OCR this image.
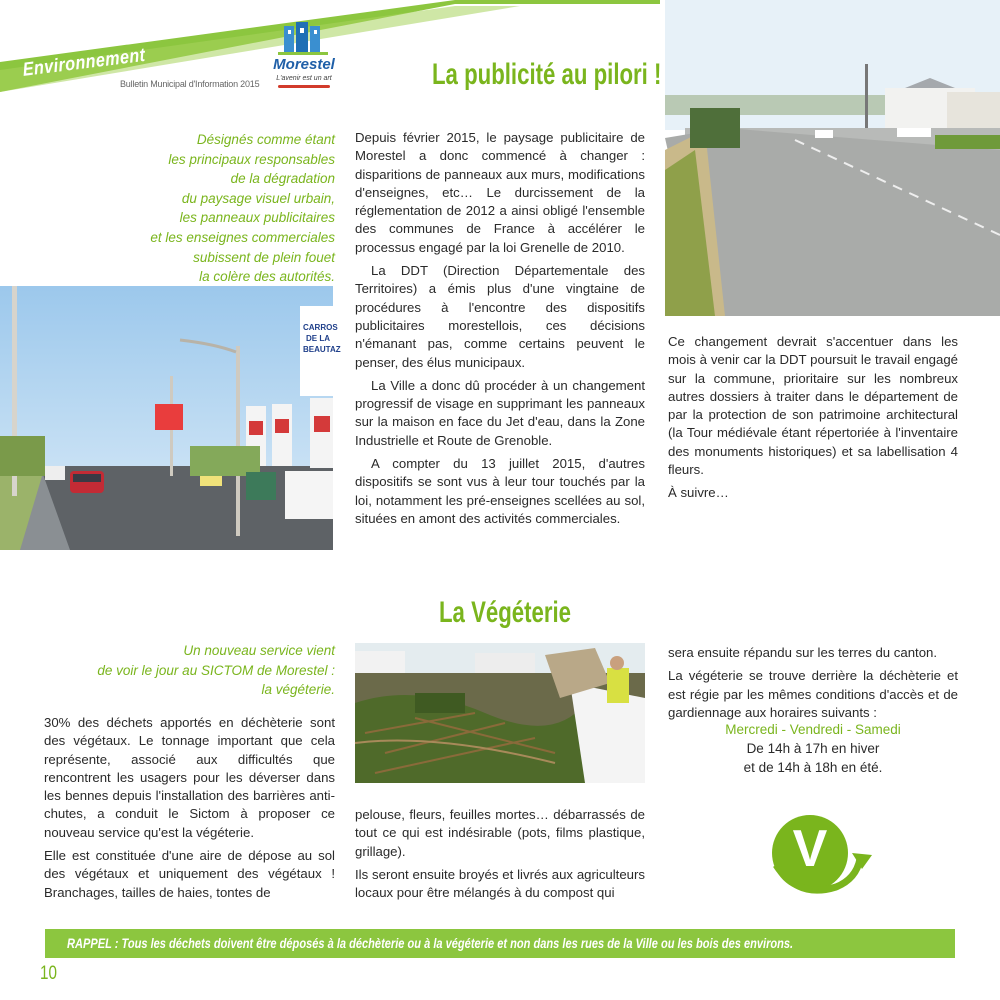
Environnement
Bulletin Municipal d'Information 2015
Morestel
L'avenir est un art	La publicité au pilori !
Désignés comme étant
les principaux responsables
de la dégradation
du paysage visuel urbain,
les panneaux publicitaires
et les enseignes commerciales
subissent de plein fouet
la colère des autorités.
CARROS
DE LA
BEAUTAZ

Depuis février 2015, le paysage publicitaire de Morestel a donc commencé à changer : disparitions de panneaux aux murs, modifications d'enseignes, etc… Le durcissement de la réglementation de 2012 a ainsi obligé l'ensemble des communes de France à accélérer le processus engagé par la loi Grenelle de 2010.

La DDT (Direction Départementale des Territoires) a émis plus d'une vingtaine de procédures à l'encontre des dispositifs publicitaires morestellois, ces décisions n'émanant pas, comme certains peuvent le penser, des élus municipaux.

La Ville a donc dû procéder à un changement progressif de visage en supprimant les panneaux sur la maison en face du Jet d'eau, dans la Zone Industrielle et Route de Grenoble.

A compter du 13 juillet 2015, d'autres dispositifs se sont vus à leur tour touchés par la loi, notamment les pré-enseignes scellées au sol, situées en amont des activités commerciales.

Ce changement devrait s'accentuer dans les mois à venir car la DDT poursuit le travail engagé sur la commune, prioritaire sur les nombreux autres dossiers à traiter dans le département de par la protection de son patrimoine architectural (la Tour médiévale étant répertoriée à l'inventaire des monuments historiques) et sa labellisation 4 fleurs.

À suivre…

La Végéterie
Un nouveau service vient
de voir le jour au SICTOM de Morestel :
la végéterie.

30% des déchets apportés en déchèterie sont des végétaux. Le tonnage important que cela représente, associé aux difficultés que rencontrent les usagers pour les déverser dans les bennes depuis l'installation des barrières anti-chutes, a conduit le Sictom à proposer ce nouveau service qu'est la végéterie.

Elle est constituée d'une aire de dépose au sol des végétaux et uniquement des végétaux ! Branchages, tailles de haies, tontes de

pelouse, fleurs, feuilles mortes… débarrassés de tout ce qui est indésirable (pots, films plastique, grillage).

Ils seront ensuite broyés et livrés aux agriculteurs locaux pour être mélangés à du compost qui

sera ensuite répandu sur les terres du canton.

La végéterie se trouve derrière la déchèterie et est régie par les mêmes conditions d'accès et de gardiennage aux horaires suivants :

Mercredi - Vendredi - Samedi
De 14h à 17h en hiver
et de 14h à 18h en été.
V
RAPPEL : Tous les déchets doivent être déposés à la déchèterie ou à la végéterie et non dans les rues de la Ville ou les bois des environs.
10
